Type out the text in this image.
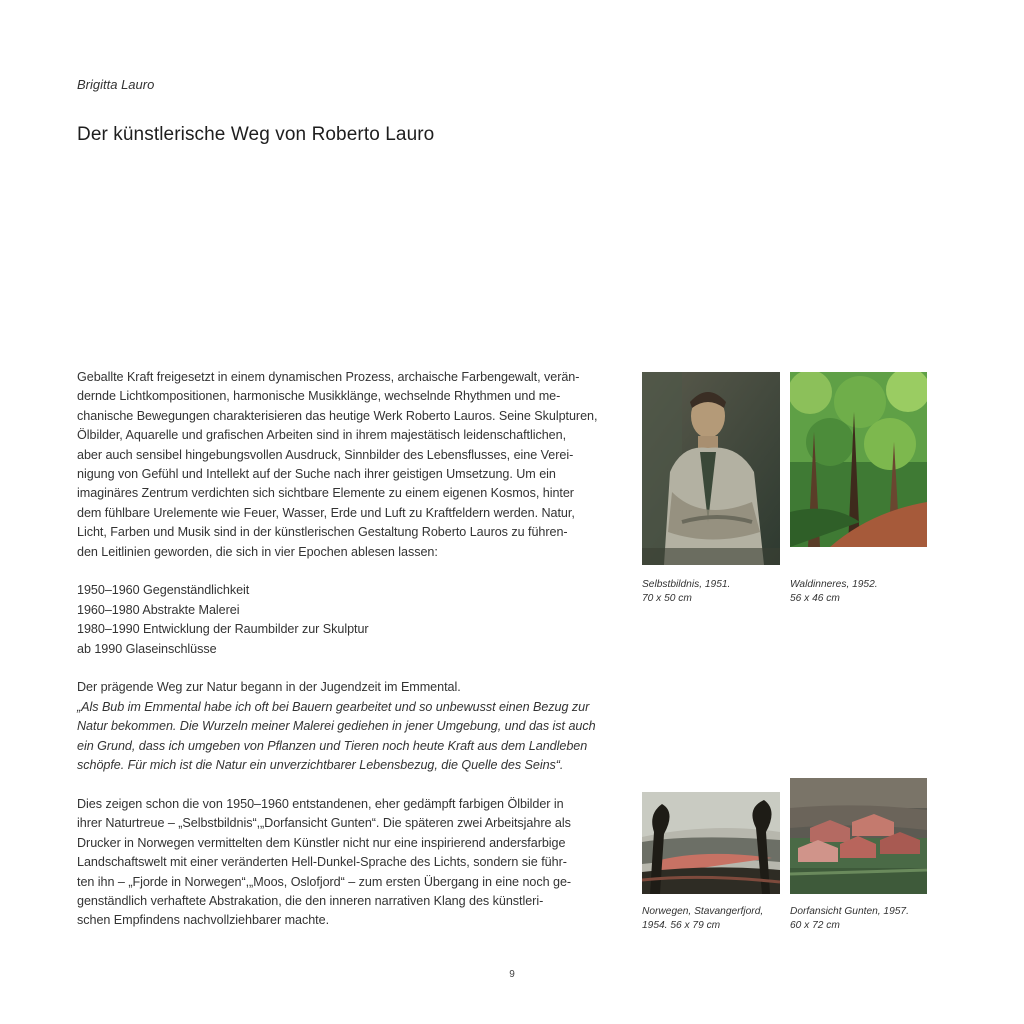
Brigitta Lauro
Der künstlerische Weg von Roberto Lauro

Geballte Kraft freigesetzt in einem dynamischen Prozess, archaische Farbengewalt, verän-

dernde Lichtkompositionen, harmonische Musikklänge, wechselnde Rhythmen und me-

chanische Bewegungen charakterisieren das heutige Werk Roberto Lauros. Seine Skulpturen,

Ölbilder, Aquarelle und grafischen Arbeiten sind in ihrem majestätisch leidenschaftlichen,

aber auch sensibel hingebungsvollen Ausdruck, Sinnbilder des Lebensflusses, eine Verei-

nigung von Gefühl und Intellekt auf der Suche nach ihrer geistigen Umsetzung. Um ein

imaginäres Zentrum verdichten sich sichtbare Elemente zu einem eigenen Kosmos, hinter

dem fühlbare Urelemente wie Feuer, Wasser, Erde und Luft zu Kraftfeldern werden. Natur,

Licht, Farben und Musik sind in der künstlerischen Gestaltung Roberto Lauros zu führen-

den Leitlinien geworden, die sich in vier Epochen ablesen lassen:

1950–1960 Gegenständlichkeit

1960–1980 Abstrakte Malerei

1980–1990 Entwicklung der Raumbilder zur Skulptur

ab 1990 Glaseinschlüsse

Der prägende Weg zur Natur begann in der Jugendzeit im Emmental.

„Als Bub im Emmental habe ich oft bei Bauern gearbeitet und so unbewusst einen Bezug zur

Natur bekommen. Die Wurzeln meiner Malerei gediehen in jener Umgebung, und das ist auch

ein Grund, dass ich umgeben von Pflanzen und Tieren noch heute Kraft aus dem Landleben

schöpfe. Für mich ist die Natur ein unverzichtbarer Lebensbezug, die Quelle des Seins“.

Dies zeigen schon die von 1950–1960 entstandenen, eher gedämpft farbigen Ölbilder in

ihrer Naturtreue – „Selbstbildnis“,„Dorfansicht Gunten“. Die späteren zwei Arbeitsjahre als

Drucker in Norwegen vermittelten dem Künstler nicht nur eine inspirierend andersfarbige

Landschaftswelt mit einer veränderten Hell-Dunkel-Sprache des Lichts, sondern sie führ-

ten ihn – „Fjorde in Norwegen“,„Moos, Oslofjord“ – zum ersten Übergang in eine noch ge-

genständlich verhaftete Abstrakation, die den inneren narrativen Klang des künstleri-

schen Empfindens nachvollziehbarer machte.

Selbstbildnis, 1951.
70 x 50 cm
Waldinneres, 1952.
56 x 46 cm
Norwegen, Stavangerfjord,
1954. 56 x 79 cm
Dorfansicht Gunten, 1957.
60 x 72 cm
9
